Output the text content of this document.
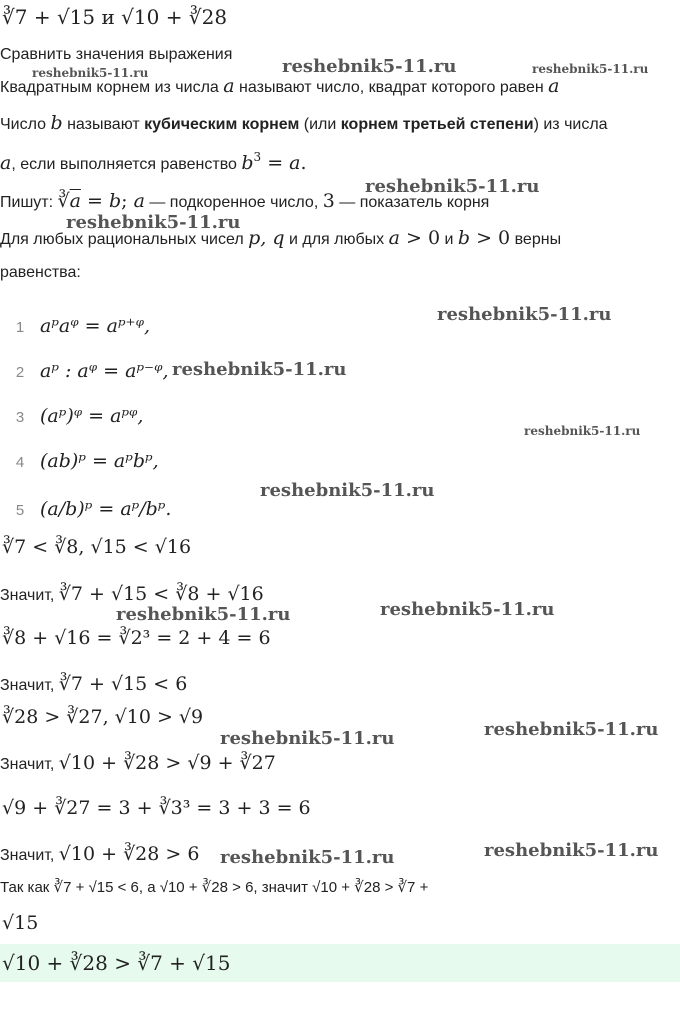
∛7 + √15 и √10 + ∛28
Сравнить значения выражения
Квадратным корнем из числа a называют число, квадрат которого равен a
Число b называют кубическим корнем (или корнем третьей степени) из числа
a, если выполняется равенство $b^3 = a$.
Пишут: $∛\overline{a} = b$; a — подкоренное число, 3 — показатель корня
Для любых рациональных чисел p, q и для любых a > 0 и b > 0 верны
равенства:
1 aᵖaᵠ = aᵖ⁺ᵠ,
2 aᵖ : aᵠ = aᵖ⁻ᵠ,
3 (aᵖ)ᵠ = aᵖᵠ,
4 (ab)ᵖ = aᵖbᵖ,
5 (a/b)ᵖ = aᵖ/bᵖ.
∛7 < ∛8, √15 < √16
Значит, ∛7 + √15 < ∛8 + √16
∛8 + √16 = ∛2³ = 2 + 4 = 6
Значит, ∛7 + √15 < 6
∛28 > ∛27, √10 > √9
Значит, √10 + ∛28 > √9 + ∛27
√9 + ∛27 = 3 + ∛3³ = 3 + 3 = 6
Значит, √10 + ∛28 > 6
Так как ∛7 + √15 < 6, а √10 + ∛28 > 6, значит √10 + ∛28 > ∛7 +
√15
√10 + ∛28 > ∛7 + √15
reshebnik5-11.ru
reshebnik5-11.ru	reshebnik5-11.ru
reshebnik5-11.ru
reshebnik5-11.ru
reshebnik5-11.ru
reshebnik5-11.ru
reshebnik5-11.ru
reshebnik5-11.ru
reshebnik5-11.ru	reshebnik5-11.ru
reshebnik5-11.ru
reshebnik5-11.ru
reshebnik5-11.ru
reshebnik5-11.ru
